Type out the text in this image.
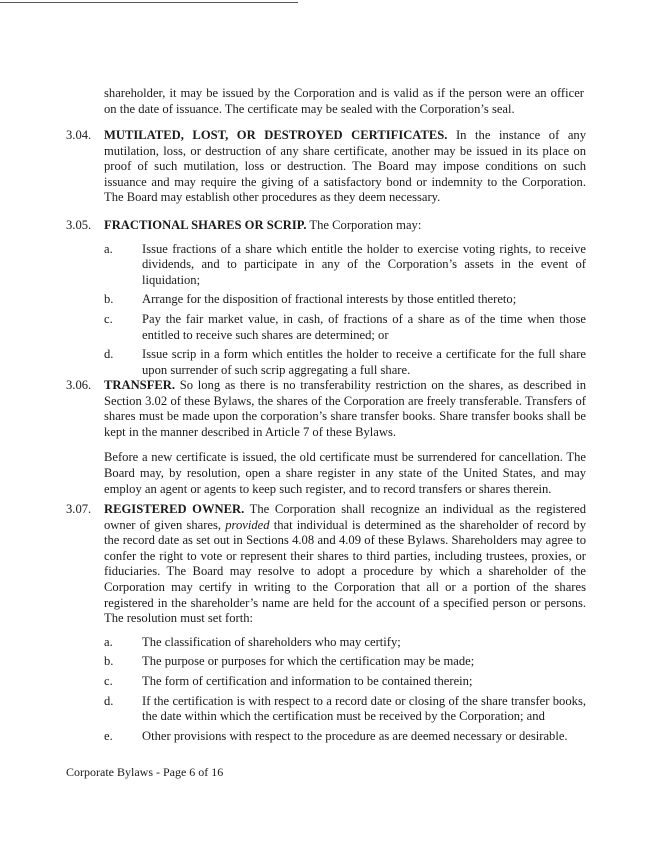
shareholder, it may be issued by the Corporation and is valid as if the person were an officer on the date of issuance. The certificate may be sealed with the Corporation’s seal.
3.04.	MUTILATED, LOST, OR DESTROYED CERTIFICATES. In the instance of any mutilation, loss, or destruction of any share certificate, another may be issued in its place on proof of such mutilation, loss or destruction. The Board may impose conditions on such issuance and may require the giving of a satisfactory bond or indemnity to the Corporation. The Board may establish other procedures as they deem necessary.
3.05.	FRACTIONAL SHARES OR SCRIP. The Corporation may:
a. Issue fractions of a share which entitle the holder to exercise voting rights, to receive dividends, and to participate in any of the Corporation’s assets in the event of liquidation;
b. Arrange for the disposition of fractional interests by those entitled thereto;
c. Pay the fair market value, in cash, of fractions of a share as of the time when those entitled to receive such shares are determined; or
d. Issue scrip in a form which entitles the holder to receive a certificate for the full share upon surrender of such scrip aggregating a full share.
3.06.	TRANSFER. So long as there is no transferability restriction on the shares, as described in Section 3.02 of these Bylaws, the shares of the Corporation are freely transferable. Transfers of shares must be made upon the corporation’s share transfer books. Share transfer books shall be kept in the manner described in Article 7 of these Bylaws.
Before a new certificate is issued, the old certificate must be surrendered for cancellation. The Board may, by resolution, open a share register in any state of the United States, and may employ an agent or agents to keep such register, and to record transfers or shares therein.
3.07.	REGISTERED OWNER. The Corporation shall recognize an individual as the registered owner of given shares, provided that individual is determined as the shareholder of record by the record date as set out in Sections 4.08 and 4.09 of these Bylaws. Shareholders may agree to confer the right to vote or represent their shares to third parties, including trustees, proxies, or fiduciaries. The Board may resolve to adopt a procedure by which a shareholder of the Corporation may certify in writing to the Corporation that all or a portion of the shares registered in the shareholder’s name are held for the account of a specified person or persons. The resolution must set forth:
a. The classification of shareholders who may certify;
b. The purpose or purposes for which the certification may be made;
c. The form of certification and information to be contained therein;
d. If the certification is with respect to a record date or closing of the share transfer books, the date within which the certification must be received by the Corporation; and
e. Other provisions with respect to the procedure as are deemed necessary or desirable.
Corporate Bylaws - Page 6 of 16
